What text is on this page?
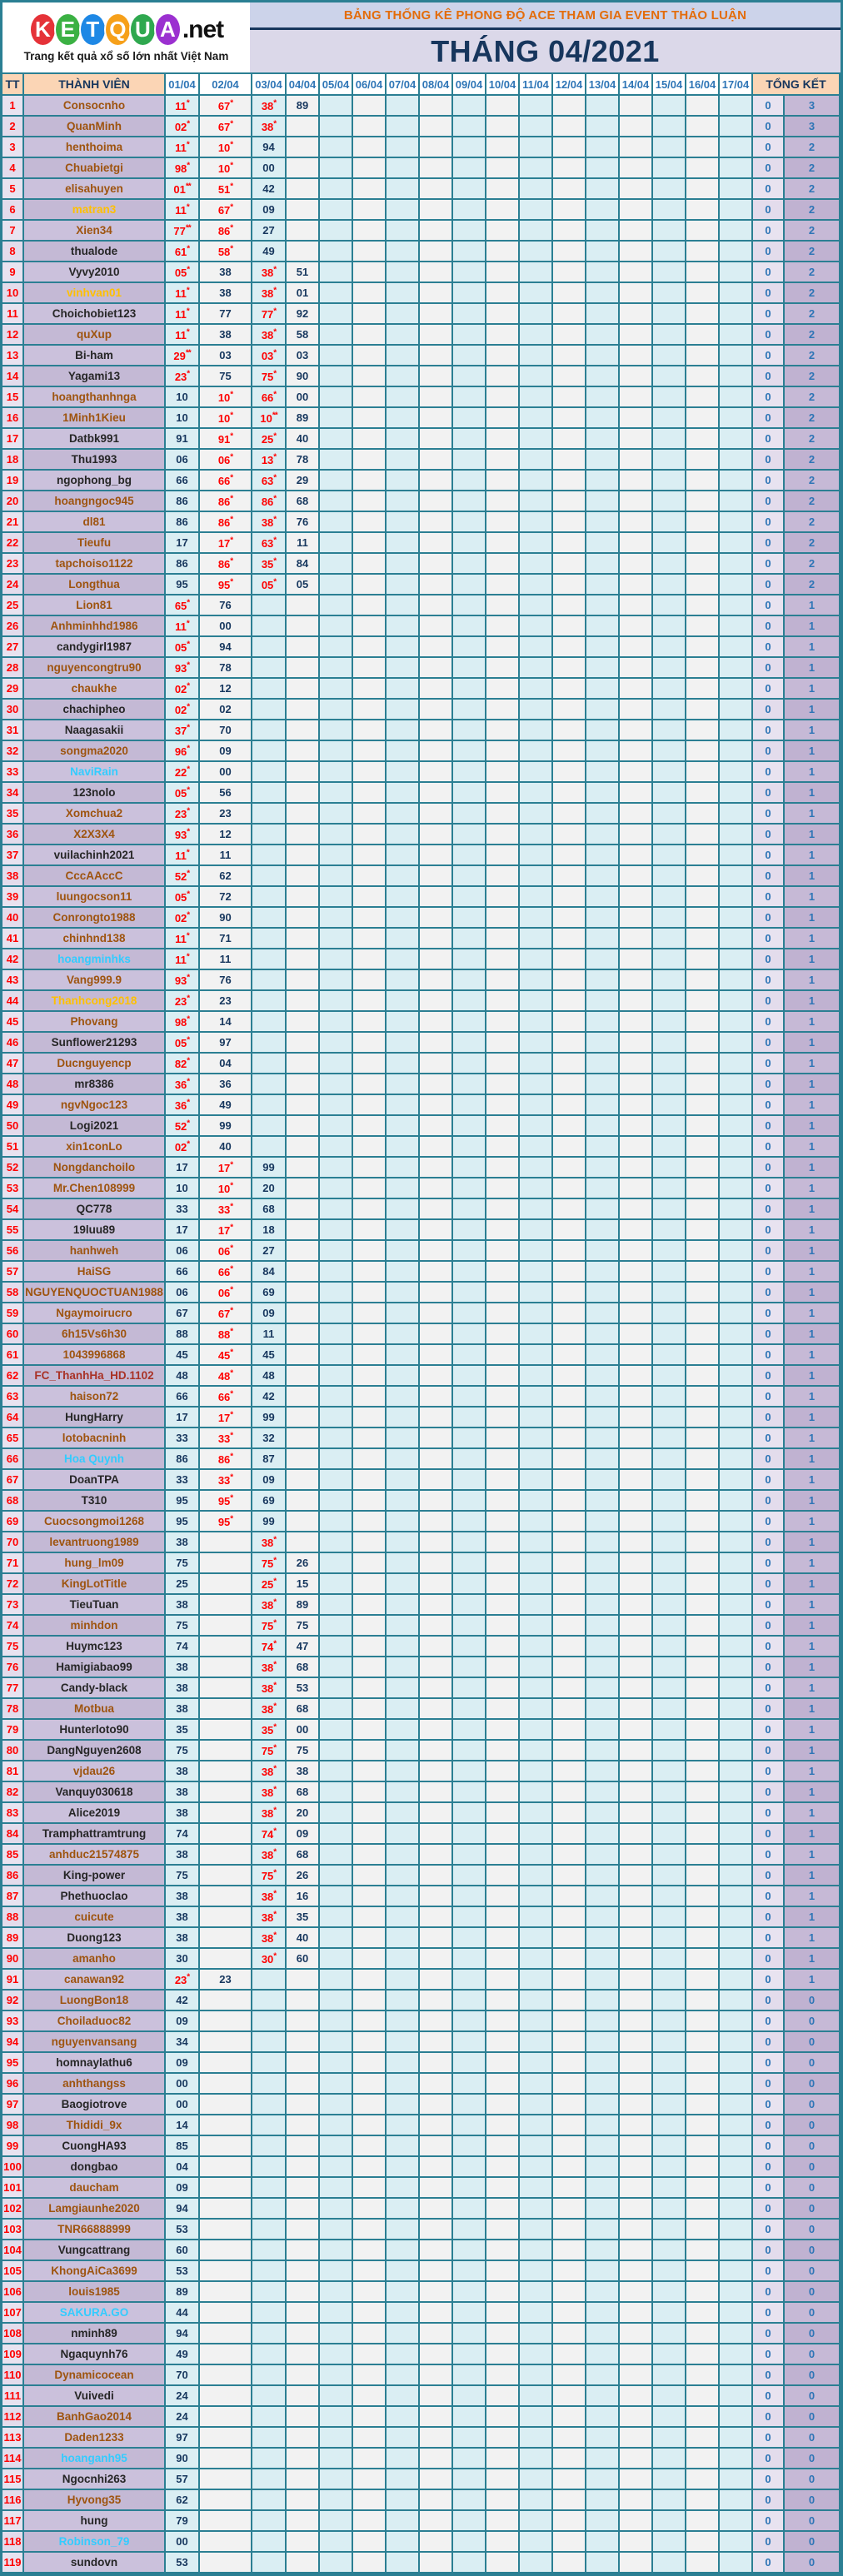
K E T Q U A .net
Trang kết quả xổ số lớn nhất Việt Nam
BẢNG THỐNG KÊ PHONG ĐỘ ACE THAM GIA EVENT THẢO LUẬN
THÁNG 04/2021
TT	THÀNH VIÊN	01/04	02/04	03/04	04/04	05/04	06/04	07/04	08/04	09/04	10/04	11/04	12/04	13/04	14/04	15/04	16/04	17/04	TỔNG KẾT	
1	Consocnho	11*	67*	38*	89														0	3
2	QuanMinh	02*	67*	38*															0	3
3	henthoima	11*	10*	94															0	2
4	Chuabietgi	98*	10*	00															0	2
5	elisahuyen	01**	51*	42															0	2
6	matran3	11*	67*	09															0	2
7	Xien34	77**	86*	27															0	2
8	thualode	61*	58*	49															0	2
9	Vyvy2010	05*	38	38*	51														0	2
10	vinhvan01	11*	38	38*	01														0	2
11	Choichobiet123	11*	77	77*	92														0	2
12	quXup	11*	38	38*	58														0	2
13	Bi-ham	29**	03	03*	03														0	2
14	Yagami13	23*	75	75*	90														0	2
15	hoangthanhnga	10	10*	66*	00														0	2
16	1Minh1Kieu	10	10*	10**	89														0	2
17	Datbk991	91	91*	25*	40														0	2
18	Thu1993	06	06*	13*	78														0	2
19	ngophong_bg	66	66*	63*	29														0	2
20	hoangngoc945	86	86*	86*	68														0	2
21	dl81	86	86*	38*	76														0	2
22	Tieufu	17	17*	63*	11														0	2
23	tapchoiso1122	86	86*	35*	84														0	2
24	Longthua	95	95*	05*	05														0	2
25	Lion81	65*	76																0	1
26	Anhminhhd1986	11*	00																0	1
27	candygirl1987	05*	94																0	1
28	nguyencongtru90	93*	78																0	1
29	chaukhe	02*	12																0	1
30	chachipheo	02*	02																0	1
31	Naagasakii	37*	70																0	1
32	songma2020	96*	09																0	1
33	NaviRain	22*	00																0	1
34	123nolo	05*	56																0	1
35	Xomchua2	23*	23																0	1
36	X2X3X4	93*	12																0	1
37	vuilachinh2021	11*	11																0	1
38	CccAAccC	52*	62																0	1
39	luungocson11	05*	72																0	1
40	Conrongto1988	02*	90																0	1
41	chinhnd138	11*	71																0	1
42	hoangminhks	11*	11																0	1
43	Vang999.9	93*	76																0	1
44	Thanhcong2018	23*	23																0	1
45	Phovang	98*	14																0	1
46	Sunflower21293	05*	97																0	1
47	Ducnguyencp	82*	04																0	1
48	mr8386	36*	36																0	1
49	ngvNgoc123	36*	49																0	1
50	Logi2021	52*	99																0	1
51	xin1conLo	02*	40																0	1
52	Nongdanchoilo	17	17*	99															0	1
53	Mr.Chen108999	10	10*	20															0	1
54	QC778	33	33*	68															0	1
55	19luu89	17	17*	18															0	1
56	hanhweh	06	06*	27															0	1
57	HaiSG	66	66*	84															0	1
58	NGUYENQUOCTUAN1988	06	06*	69															0	1
59	Ngaymoirucro	67	67*	09															0	1
60	6h15Vs6h30	88	88*	11															0	1
61	1043996868	45	45*	45															0	1
62	FC_ThanhHa_HD.1102	48	48*	48															0	1
63	haison72	66	66*	42															0	1
64	HungHarry	17	17*	99															0	1
65	lotobacninh	33	33*	32															0	1
66	Hoa Quynh	86	86*	87															0	1
67	DoanTPA	33	33*	09															0	1
68	T310	95	95*	69															0	1
69	Cuocsongmoi1268	95	95*	99															0	1
70	levantruong1989	38		38*															0	1
71	hung_lm09	75		75*	26														0	1
72	KingLotTitle	25		25*	15														0	1
73	TieuTuan	38		38*	89														0	1
74	minhdon	75		75*	75														0	1
75	Huymc123	74		74*	47														0	1
76	Hamigiabao99	38		38*	68														0	1
77	Candy-black	38		38*	53														0	1
78	Motbua	38		38*	68														0	1
79	Hunterloto90	35		35*	00														0	1
80	DangNguyen2608	75		75*	75														0	1
81	vjdau26	38		38*	38														0	1
82	Vanquy030618	38		38*	68														0	1
83	Alice2019	38		38*	20														0	1
84	Tramphattramtrung	74		74*	09														0	1
85	anhduc21574875	38		38*	68														0	1
86	King-power	75		75*	26														0	1
87	Phethuoclao	38		38*	16														0	1
88	cuicute	38		38*	35														0	1
89	Duong123	38		38*	40														0	1
90	amanho	30		30*	60														0	1
91	canawan92	23*	23																0	1
92	LuongBon18	42																	0	0
93	Choiladuoc82	09																	0	0
94	nguyenvansang	34																	0	0
95	homnaylathu6	09																	0	0
96	anhthangss	00																	0	0
97	Baogiotrove	00																	0	0
98	Thididi_9x	14																	0	0
99	CuongHA93	85																	0	0
100	dongbao	04																	0	0
101	daucham	09																	0	0
102	Lamgiaunhe2020	94																	0	0
103	TNR66888999	53																	0	0
104	Vungcattrang	60																	0	0
105	KhongAiCa3699	53																	0	0
106	louis1985	89																	0	0
107	SAKURA.GO	44																	0	0
108	nminh89	94																	0	0
109	Ngaquynh76	49																	0	0
110	Dynamicocean	70																	0	0
111	Vuivedi	24																	0	0
112	BanhGao2014	24																	0	0
113	Daden1233	97																	0	0
114	hoanganh95	90																	0	0
115	Ngocnhi263	57																	0	0
116	Hyvong35	62																	0	0
117	hung	79																	0	0
118	Robinson_79	00																	0	0
119	sundovn	53																	0	0
